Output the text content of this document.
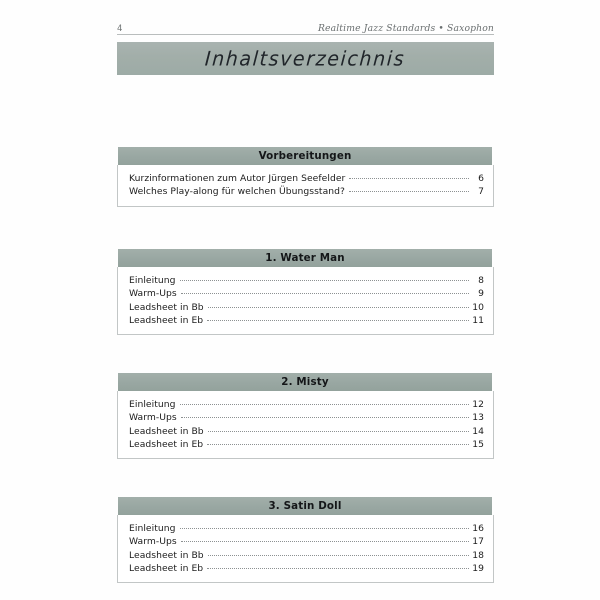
4	Realtime Jazz Standards • Saxophon
Inhaltsverzeichnis
Vorbereitungen
Kurzinformationen zum Autor Jürgen Seefelder	6
Welches Play-along für welchen Übungsstand?	7
1. Water Man
Einleitung	8
Warm-Ups	9
Leadsheet in Bb	10
Leadsheet in Eb	11
2. Misty
Einleitung	12
Warm-Ups	13
Leadsheet in Bb	14
Leadsheet in Eb	15
3. Satin Doll
Einleitung	16
Warm-Ups	17
Leadsheet in Bb	18
Leadsheet in Eb	19
